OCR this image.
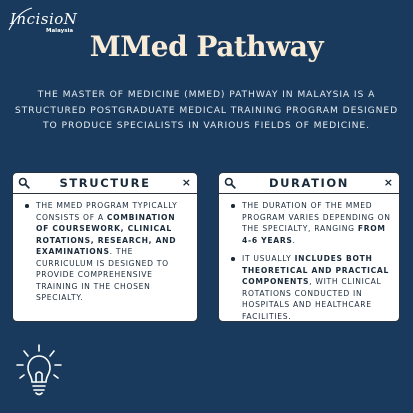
IncisioN
Malaysia MMed Pathway
THE MASTER OF MEDICINE (MMED) PATHWAY IN MALAYSIA IS A STRUCTURED POSTGRADUATE MEDICAL TRAINING PROGRAM DESIGNED TO PRODUCE SPECIALISTS IN VARIOUS FIELDS OF MEDICINE.
STRUCTURE	×
THE MMED PROGRAM TYPICALLY CONSISTS OF A COMBINATION OF COURSEWORK, CLINICAL ROTATIONS, RESEARCH, AND EXAMINATIONS. THE CURRICULUM IS DESIGNED TO PROVIDE COMPREHENSIVE TRAINING IN THE CHOSEN SPECIALTY.
DURATION	×
THE DURATION OF THE MMED PROGRAM VARIES DEPENDING ON THE SPECIALTY, RANGING FROM 4-6 YEARS.
IT USUALLY INCLUDES BOTH THEORETICAL AND PRACTICAL COMPONENTS, WITH CLINICAL ROTATIONS CONDUCTED IN HOSPITALS AND HEALTHCARE FACILITIES.
